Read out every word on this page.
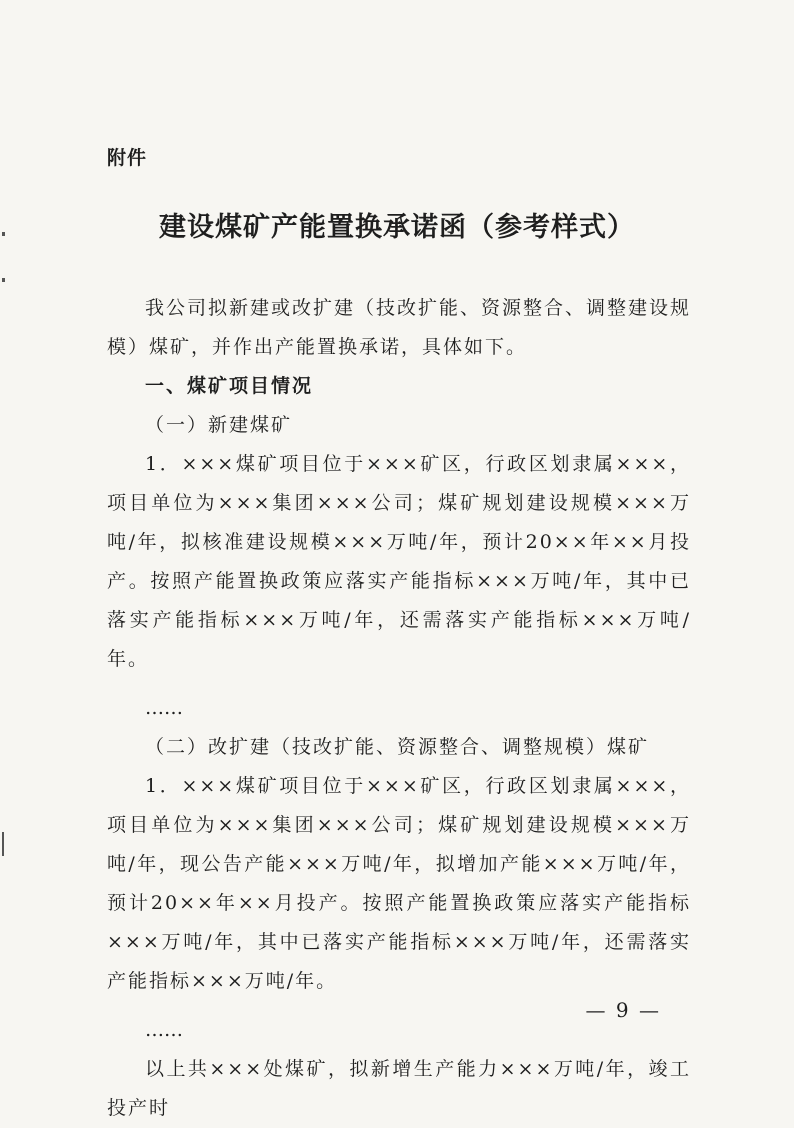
附件
建设煤矿产能置换承诺函（参考样式）

我公司拟新建或改扩建（技改扩能、资源整合、调整建设规模）煤矿，并作出产能置换承诺，具体如下。

一、煤矿项目情况

（一）新建煤矿

1．×××煤矿项目位于×××矿区，行政区划隶属×××，项目单位为×××集团×××公司；煤矿规划建设规模×××万吨/年，拟核准建设规模×××万吨/年，预计20××年××月投产。按照产能置换政策应落实产能指标×××万吨/年，其中已落实产能指标×××万吨/年，还需落实产能指标×××万吨/年。

……

（二）改扩建（技改扩能、资源整合、调整规模）煤矿

1．×××煤矿项目位于×××矿区，行政区划隶属×××，项目单位为×××集团×××公司；煤矿规划建设规模×××万吨/年，现公告产能×××万吨/年，拟增加产能×××万吨/年，预计20××年××月投产。按照产能置换政策应落实产能指标×××万吨/年，其中已落实产能指标×××万吨/年，还需落实产能指标×××万吨/年。

……

以上共×××处煤矿，拟新增生产能力×××万吨/年，竣工投产时

— 9 —
